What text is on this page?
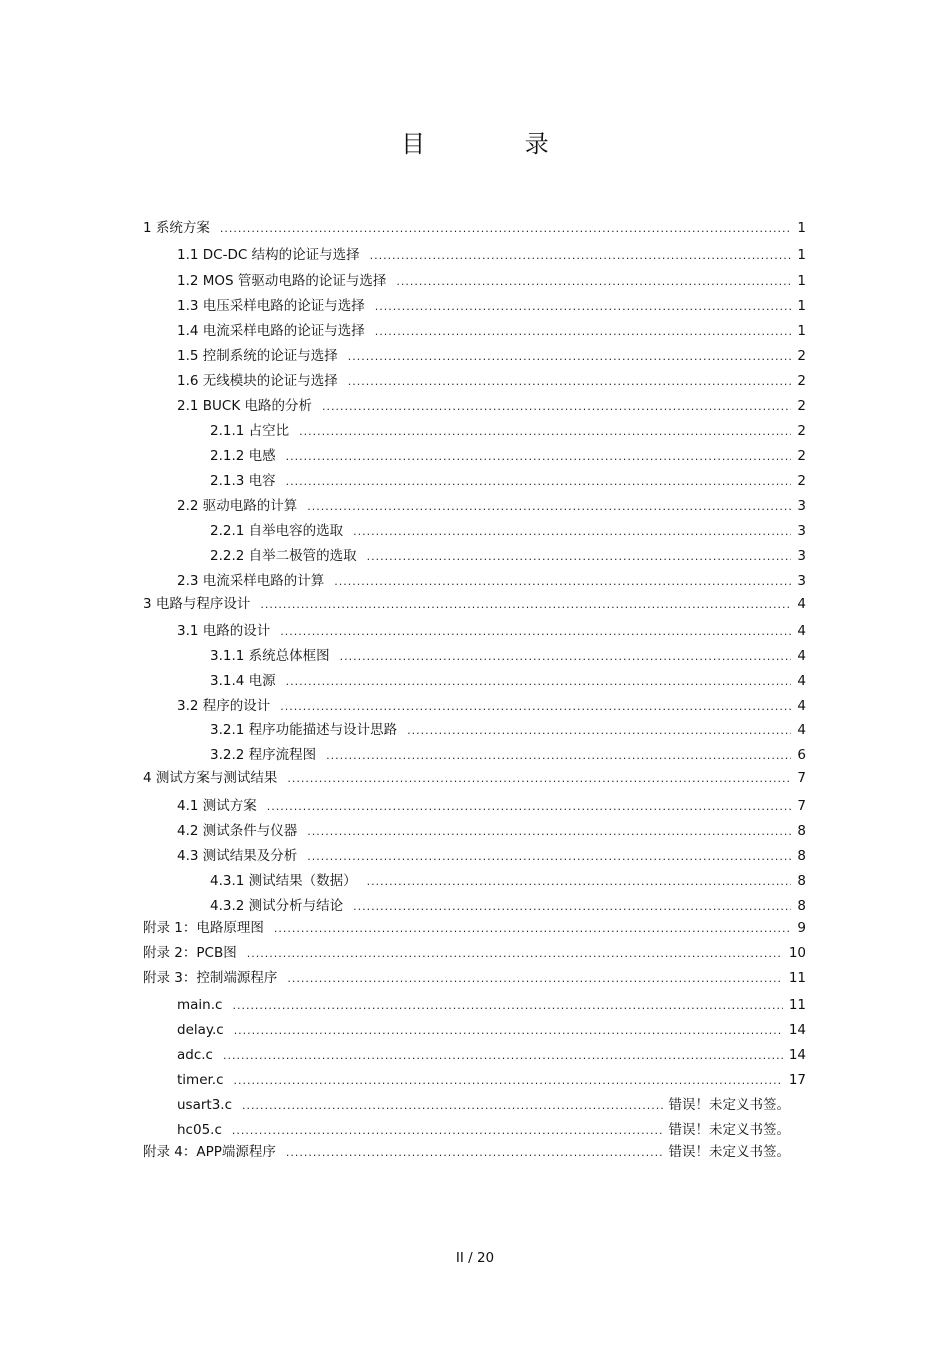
目 录
1 系统方案 .....	1
1.1 DC-DC 结构的论证与选择 .....	1
1.2 MOS 管驱动电路的论证与选择 .....	1
1.3 电压采样电路的论证与选择 .....	1
1.4 电流采样电路的论证与选择 .....	1
1.5 控制系统的论证与选择 .....	2
1.6 无线模块的论证与选择 .....	2
2.1 BUCK 电路的分析 .....	2
2.1.1 占空比 .....	2
2.1.2 电感 .....	2
2.1.3 电容 .....	2
2.2 驱动电路的计算 .....	3
2.2.1 自举电容的选取 .....	3
2.2.2 自举二极管的选取 .....	3
2.3 电流采样电路的计算 .....	3
3 电路与程序设计 .....	4
3.1 电路的设计 .....	4
3.1.1 系统总体框图 .....	4
3.1.4 电源 .....	4
3.2 程序的设计 .....	4
3.2.1 程序功能描述与设计思路 .....	4
3.2.2 程序流程图 .....	6
4 测试方案与测试结果 .....	7
4.1 测试方案 .....	7
4.2 测试条件与仪器 .....	8
4.3 测试结果及分析 .....	8
4.3.1 测试结果（数据） .....	8
4.3.2 测试分析与结论 .....	8
附录 1：电路原理图 .....	9
附录 2：PCB图 .....	10
附录 3：控制端源程序 .....	11
main.c .....	11
delay.c .....	14
adc.c .....	14
timer.c .....	17
usart3.c .....	错误！未定义书签。
hc05.c .....	错误！未定义书签。
附录 4：APP端源程序 .....	错误！未定义书签。
II / 20
